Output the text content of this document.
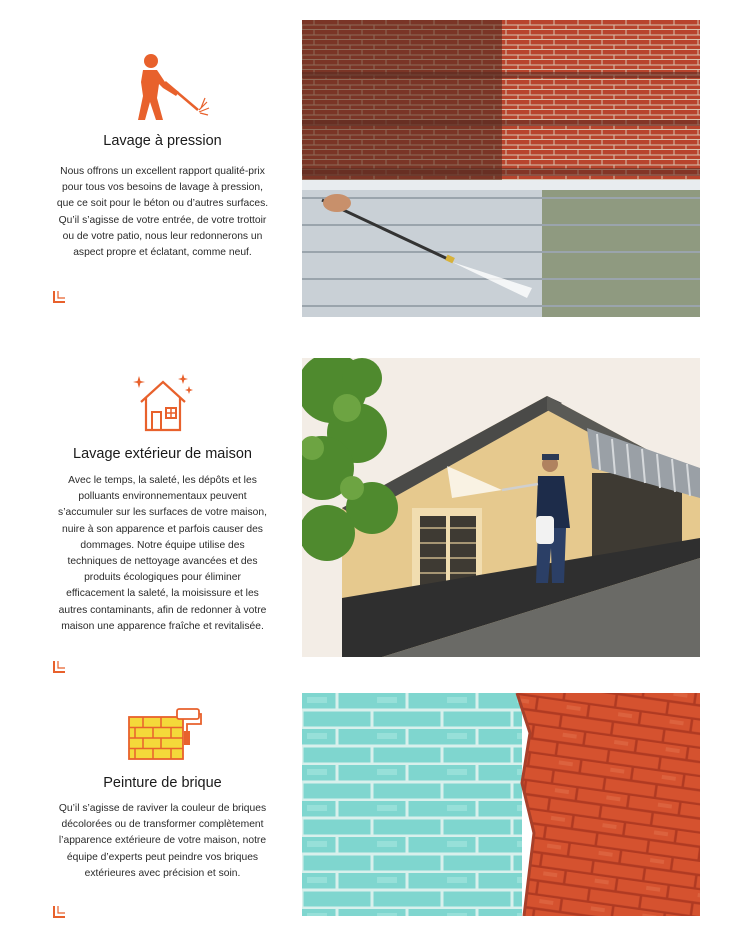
Lavage à pression
Nous offrons un excellent rapport qualité-prix pour tous vos besoins de lavage à pression, que ce soit pour le béton ou d’autres surfaces. Qu’il s’agisse de votre entrée, de votre trottoir ou de votre patio, nous leur redonnerons un aspect propre et éclatant, comme neuf.
Lavage extérieur de maison
Avec le temps, la saleté, les dépôts et les polluants environnementaux peuvent s’accumuler sur les surfaces de votre maison, nuire à son apparence et parfois causer des dommages. Notre équipe utilise des techniques de nettoyage avancées et des produits écologiques pour éliminer efficacement la saleté, la moisissure et les autres contaminants, afin de redonner à votre maison une apparence fraîche et revitalisée.
Peinture de brique
Qu’il s’agisse de raviver la couleur de briques décolorées ou de transformer complètement l’apparence extérieure de votre maison, notre équipe d’experts peut peindre vos briques extérieures avec précision et soin.
